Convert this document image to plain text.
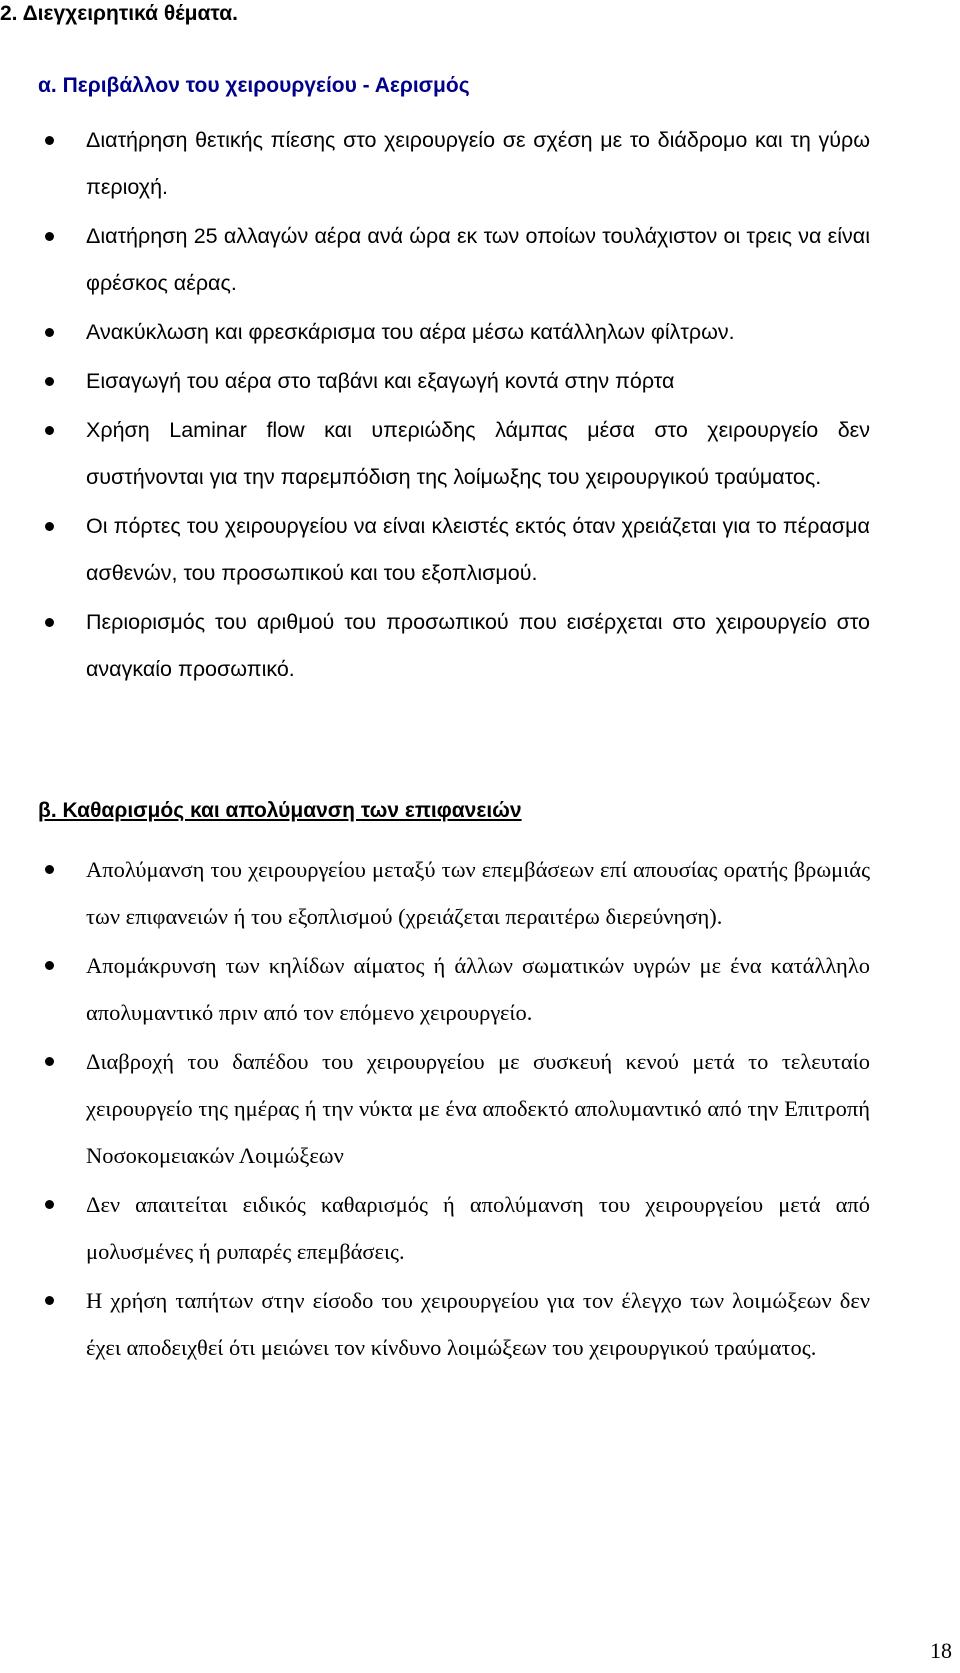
2. Διεγχειρητικά θέματα.
α. Περιβάλλον του χειρουργείου - Αερισμός
Διατήρηση θετικής πίεσης στο χειρουργείο σε σχέση με το διάδρομο και τη γύρω περιοχή.
Διατήρηση 25 αλλαγών αέρα ανά ώρα εκ των οποίων τουλάχιστον οι τρεις να είναι φρέσκος αέρας.
Ανακύκλωση και φρεσκάρισμα του αέρα μέσω κατάλληλων φίλτρων.
Εισαγωγή του αέρα στο ταβάνι και εξαγωγή κοντά στην πόρτα
Χρήση Laminar flow και υπεριώδης λάμπας μέσα στο χειρουργείο δεν συστήνονται για την παρεμπόδιση της λοίμωξης του χειρουργικού τραύματος.
Οι πόρτες του χειρουργείου να είναι κλειστές εκτός όταν χρειάζεται για το πέρασμα ασθενών, του προσωπικού και του εξοπλισμού.
Περιορισμός του αριθμού του προσωπικού που εισέρχεται στο χειρουργείο στο αναγκαίο προσωπικό.
β. Καθαρισμός και απολύμανση των επιφανειών
Απολύμανση του χειρουργείου μεταξύ των επεμβάσεων επί απουσίας ορατής βρωμιάς των επιφανειών ή του εξοπλισμού (χρειάζεται περαιτέρω διερεύνηση).
Απομάκρυνση των κηλίδων αίματος ή άλλων σωματικών υγρών με ένα κατάλληλο απολυμαντικό πριν από τον επόμενο χειρουργείο.
Διαβροχή του δαπέδου του χειρουργείου με συσκευή κενού μετά το τελευταίο χειρουργείο της ημέρας ή την νύκτα με ένα αποδεκτό απολυμαντικό από την Επιτροπή Νοσοκομειακών Λοιμώξεων
Δεν απαιτείται ειδικός καθαρισμός ή απολύμανση του χειρουργείου μετά από μολυσμένες ή ρυπαρές επεμβάσεις.
Η χρήση ταπήτων στην είσοδο του χειρουργείου για τον έλεγχο των λοιμώξεων δεν έχει αποδειχθεί ότι μειώνει τον κίνδυνο λοιμώξεων του χειρουργικού τραύματος.
18
